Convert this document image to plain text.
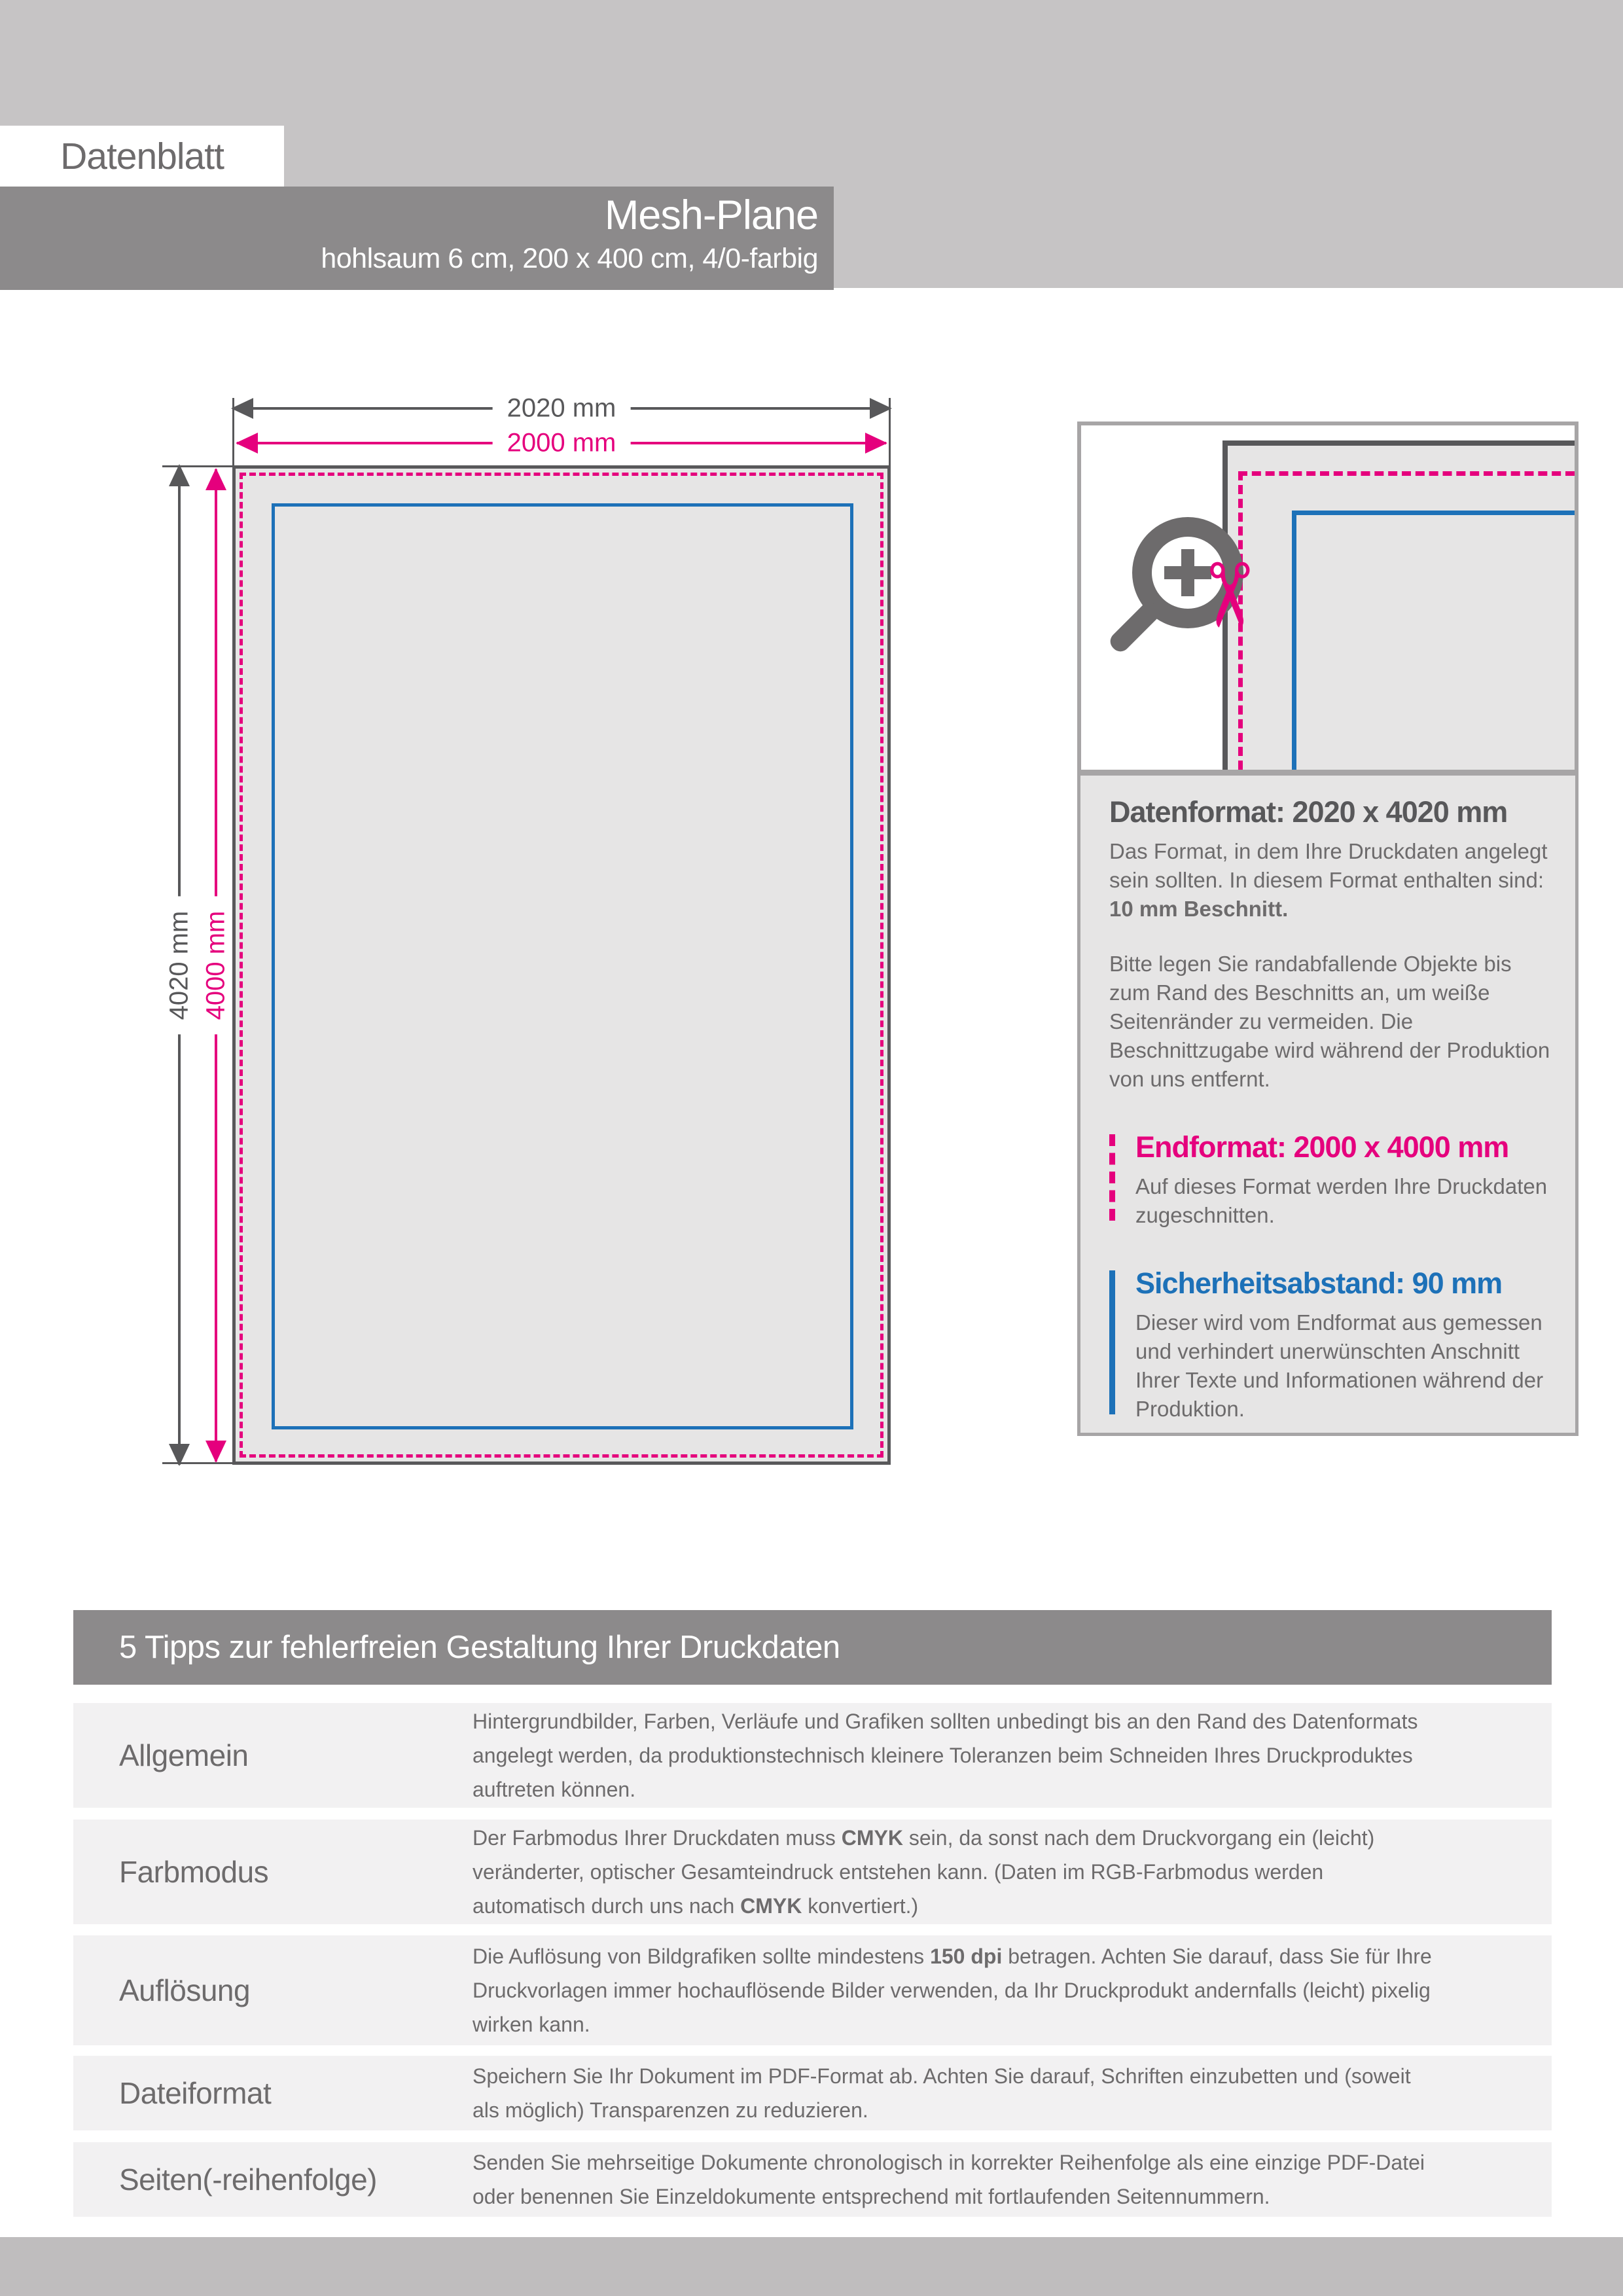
Datenblatt
Mesh-Plane
hohlsaum 6 cm, 200 x 400 cm, 4/0-farbig
2020 mm
2000 mm
4020 mm 4000 mm
✂
Datenformat: 2020 x 4020 mm

Das Format, in dem Ihre Druckdaten angelegt sein sollten. In diesem Format enthalten sind: 10 mm Beschnitt.

Bitte legen Sie randabfallende Objekte bis zum Rand des Beschnitts an, um weiße Seitenränder zu vermeiden. Die Beschnittzugabe wird während der Produktion von uns entfernt.

Endformat: 2000 x 4000 mm

Auf dieses Format werden Ihre Druckdaten zugeschnitten.

Sicherheitsabstand: 90 mm

Dieser wird vom Endformat aus gemessen und verhindert unerwünschten Anschnitt Ihrer Texte und Informationen während der Produktion.

5 Tipps zur fehlerfreien Gestaltung Ihrer Druckdaten
Allgemein
Hintergrundbilder, Farben, Verläufe und Grafiken sollten unbedingt bis an den Rand des Datenformats angelegt werden, da produktionstechnisch kleinere Toleranzen beim Schneiden Ihres Druckproduktes auftreten können.
Farbmodus
Der Farbmodus Ihrer Druckdaten muss CMYK sein, da sonst nach dem Druckvorgang ein (leicht) veränderter, optischer Gesamteindruck entstehen kann. (Daten im RGB-Farbmodus werden automatisch durch uns nach CMYK konvertiert.)
Auflösung
Die Auflösung von Bildgrafiken sollte mindestens 150 dpi betragen. Achten Sie darauf, dass Sie für Ihre Druckvorlagen immer hochauflösende Bilder verwenden, da Ihr Druckprodukt andernfalls (leicht) pixelig wirken kann.
Dateiformat	Speichern Sie Ihr Dokument im PDF-Format ab. Achten Sie darauf, Schriften einzubetten und (soweit als möglich) Transparenzen zu reduzieren.
Seiten(-reihenfolge)	Senden Sie mehrseitige Dokumente chronologisch in korrekter Reihenfolge als eine einzige PDF-Datei oder benennen Sie Einzeldokumente entsprechend mit fortlaufenden Seitennummern.
